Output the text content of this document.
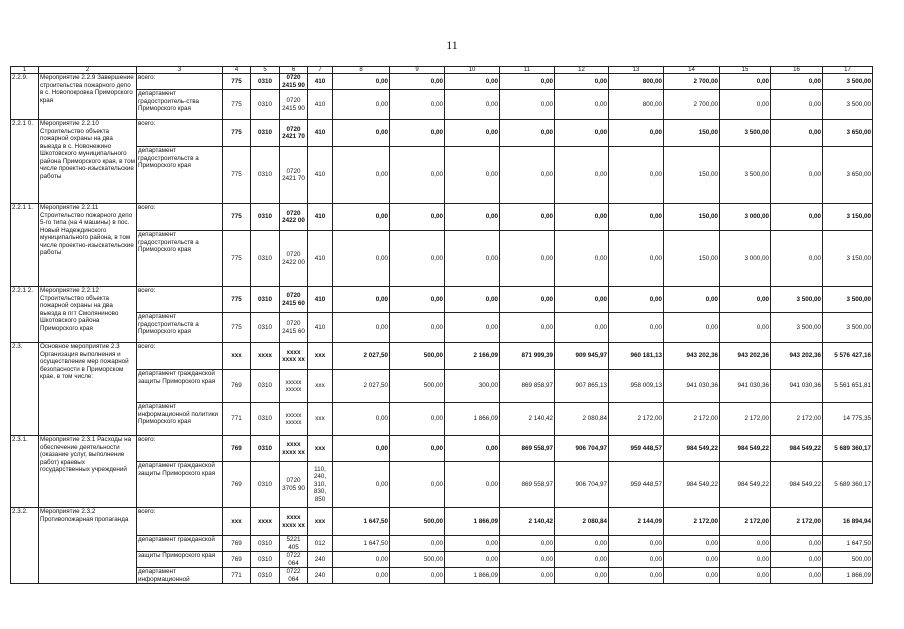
11
1	2	3	4	5	6	7	8	9	10	11	12	13	14	15	16	17
2.2.9.	Мероприятие 2.2.9 Завершение строительства пожарного депо в с. Новопокровка Приморского края	всего:	775	0310	0720 2415 90	410	0,00	0,00	0,00	0,00	0,00	800,00	2 700,00	0,00	0,00	3 500,00
		департамент градостроитель-ства Приморского края	775	0310	0720 2415 90	410	0,00	0,00	0,00	0,00	0,00	800,00	2 700,00	0,00	0,00	3 500,00
2.2.1 0.	Мероприятие 2.2.10 Строительство объекта пожарной охраны на два выезда в с. Новонежино Шкотовского муниципального района Приморского края, в том числе проектно-изыскательские работы	всего:	775	0310	0720 2421 70	410	0,00	0,00	0,00	0,00	0,00	0,00	150,00	3 500,00	0,00	3 650,00
		департамент градостроительств а Приморского края	775	0310	0720 2421 70	410	0,00	0,00	0,00	0,00	0,00	0,00	150,00	3 500,00	0,00	3 650,00
2.2.1 1.	Мероприятие 2.2.11 Строительство пожарного депо 5-го типа (на 4 машины) в пос. Новый Надеждинского муниципального района, в том числе проектно-изыскательские работы	всего:	775	0310	0720 2422 00	410	0,00	0,00	0,00	0,00	0,00	0,00	150,00	3 000,00	0,00	3 150,00
		департамент градостроительств а Приморского края	775	0310	0720 2422 00	410	0,00	0,00	0,00	0,00	0,00	0,00	150,00	3 000,00	0,00	3 150,00
2.2.1 2.	Мероприятие 2.2.12 Строительство объекта пожарной охраны на два выезда в пгт Смоляниново Шкотовского района Приморского края	всего:	775	0310	0720 2415 60	410	0,00	0,00	0,00	0,00	0,00	0,00	0,00	0,00	3 500,00	3 500,00
		департамент градостроительств а Приморского края	775	0310	0720 2415 60	410	0,00	0,00	0,00	0,00	0,00	0,00	0,00	0,00	3 500,00	3 500,00
2.3.	Основное мероприятие 2.3 Организация выполнения и осуществление мер пожарной безопасности в Приморском крае, в том числе:	всего:	xxx	xxxx	xxxx xxxx xx	xxx	2 027,50	500,00	2 166,09	871 999,39	909 945,97	960 181,13	943 202,36	943 202,36	943 202,36	5 576 427,16
		департамент гражданской защиты Приморского края	769	0310	xxxxx xxxxx	xxx	2 027,50	500,00	300,00	869 858,97	907 865,13	958 009,13	941 030,36	941 030,36	941 030,36	5 561 651,81
		департамент информационной политики Приморского края	771	0310	xxxxx xxxxx	xxx	0,00	0,00	1 866,09	2 140,42	2 080,84	2 172,00	2 172,00	2 172,00	2 172,00	14 775,35
2.3.1.	Мероприятие 2.3.1 Расходы на обеспечение деятельности (оказание услуг, выполнение работ) краевых государственных учреждений	всего:	769	0310	xxxx xxxx xx	xxx	0,00	0,00	0,00	869 558,97	906 704,97	959 448,57	984 549,22	984 549,22	984 549,22	5 689 360,17
		департамент гражданской защиты Приморского края	769	0310	0720 3705 90	110, 240, 310, 830, 850	0,00	0,00	0,00	869 558,97	906 704,97	959 448,57	984 549,22	984 549,22	984 549,22	5 689 360,17
2.3.2.	Мероприятие 2.3.2 Противопожарная пропаганда	всего:	xxx	xxxx	xxxx xxxx xx	xxx	1 647,50	500,00	1 866,09	2 140,42	2 080,84	2 144,09	2 172,00	2 172,00	2 172,00	16 894,94
		департамент гражданской	769	0310	5221 405	012	1 647,50	0,00	0,00	0,00	0,00	0,00	0,00	0,00	0,00	1 647,50
		защиты Приморского края	769	0310	0722 064	240	0,00	500,00	0,00	0,00	0,00	0,00	0,00	0,00	0,00	500,00
		департамент информационной	771	0310	0722 064	240	0,00	0,00	1 866,09	0,00	0,00	0,00	0,00	0,00	0,00	1 866,09
